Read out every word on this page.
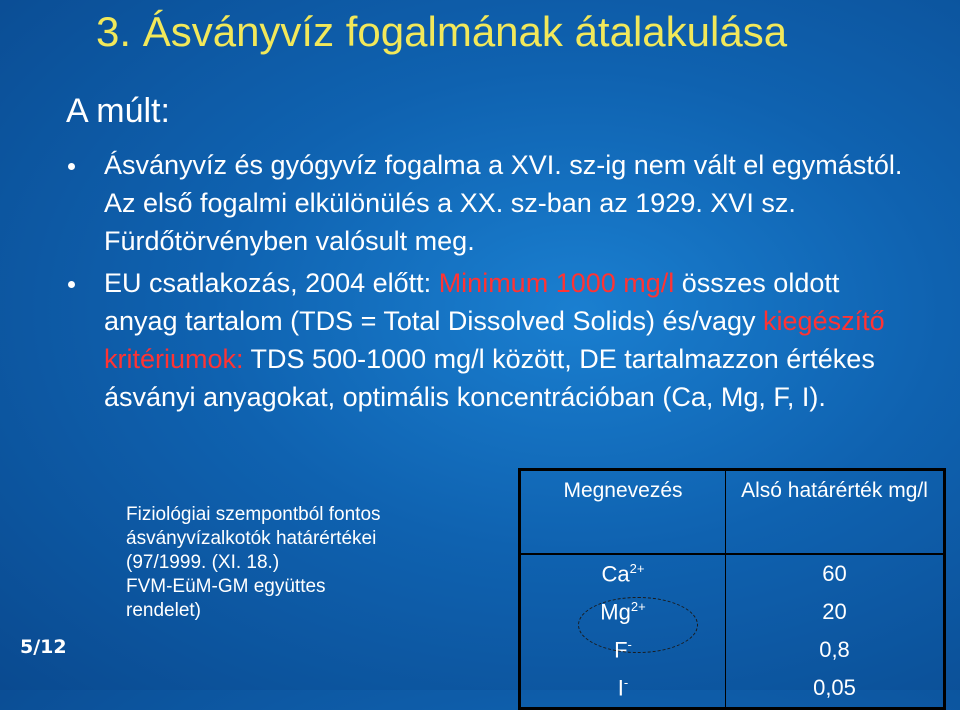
3. Ásványvíz fogalmának átalakulása
A múlt:
Ásványvíz és gyógyvíz fogalma a XVI. sz-ig nem vált el egymástól. Az első fogalmi elkülönülés a XX. sz-ban az 1929. XVI sz. Fürdőtörvényben valósult meg.
EU csatlakozás, 2004 előtt: Minimum 1000 mg/l összes oldott anyag tartalom (TDS = Total Dissolved Solids) és/vagy kiegészítő kritériumok: TDS 500-1000 mg/l között, DE tartalmazzon értékes ásványi anyagokat, optimális koncentrációban (Ca, Mg, F, I).
Fiziológiai szempontból fontos
ásványvízalkotók határértékei
(97/1999. (XI. 18.)
FVM-EüM-GM együttes
rendelet)
Megnevezés	Alsó határérték mg/l
$Ca^{2+}$	60
$Mg^{2+}$	20
F-	0,8
I-	0,05
5/12
